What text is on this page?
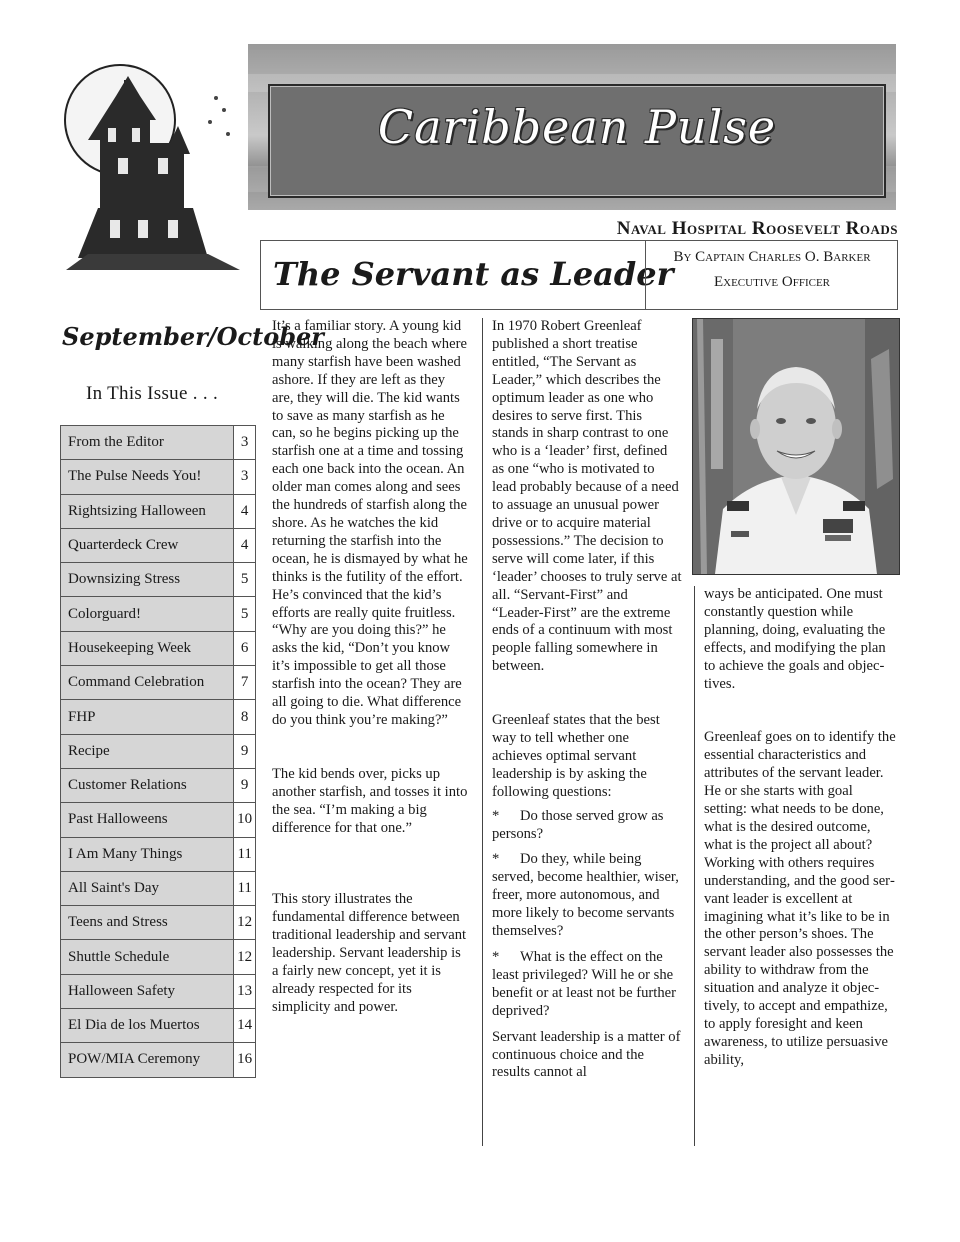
Caribbean Pulse
Naval Hospital Roosevelt Roads
The Servant as Leader By Captain Charles O. Barker
Executive Officer
September/October
In This Issue . . .
From the Editor	3
The Pulse Needs You!	3
Rightsizing Halloween	4
Quarterdeck Crew	4
Downsizing Stress	5
Colorguard!	5
Housekeeping Week	6
Command Celebration	7
FHP	8
Recipe	9
Customer Relations	9
Past Halloweens	10
I Am Many Things	11
All Saint's Day	11
Teens and Stress	12
Shuttle Schedule	12
Halloween Safety	13
El Dia de los Muertos	14
POW/MIA Ceremony	16

It’s a familiar story. A young kid is walking along the beach where many starfish have been washed ashore. If they are left as they are, they will die. The kid wants to save as many starfish as he can, so he begins picking up the starfish one at a time and tossing each one back into the ocean. An older man comes along and sees the hundreds of starfish along the shore. As he watches the kid returning the starfish into the ocean, he is dismayed by what he thinks is the futility of the effort. He’s convinced that the kid’s efforts are really quite fruitless. “Why are you doing this?” he asks the kid, “Don’t you know it’s impossible to get all those starfish into the ocean? They are all going to die. What difference do you think you’re making?”

The kid bends over, picks up another starfish, and tosses it into the sea. “I’m making a big difference for that one.”

This story illustrates the fundamental difference between traditional leadership and servant leadership. Servant leadership is a fairly new concept, yet it is already respected for its simplicity and power.

In 1970 Robert Greenleaf published a short treatise entitled, “The Servant as Leader,” which describes the optimum leader as one who desires to serve first. This stands in sharp contrast to one who is a ‘leader’ first, defined as one “who is motivated to lead probably because of a need to assuage an unusual power drive or to acquire material possessions.” The decision to serve will come later, if this ‘leader’ chooses to truly serve at all. “Servant-First” and “Leader-First” are the extreme ends of a continuum with most people falling somewhere in between.

Greenleaf states that the best way to tell whether one achieves optimal servant leadership is by asking the following questions:

* Do those served grow as persons?

* Do they, while being served, become healthier, wiser, freer, more autonomous, and more likely to become servants themselves?

* What is the effect on the least privileged? Will he or she benefit or at least not be further deprived?

Servant leadership is a matter of continuous choice and the results cannot al

ways be anticipated. One must constantly question while planning, doing, evaluating the effects, and modifying the plan to achieve the goals and objectives.

Greenleaf goes on to identify the essential characteristics and attributes of the servant leader. He or she starts with goal setting: what needs to be done, what is the desired outcome, what is the project all about? Working with others requires understanding, and the good servant leader is excellent at imagining what it’s like to be in the other person’s shoes. The servant leader also possesses the ability to withdraw from the situation and analyze it objectively, to accept and empathize, to apply foresight and keen awareness, to utilize persuasive ability,
